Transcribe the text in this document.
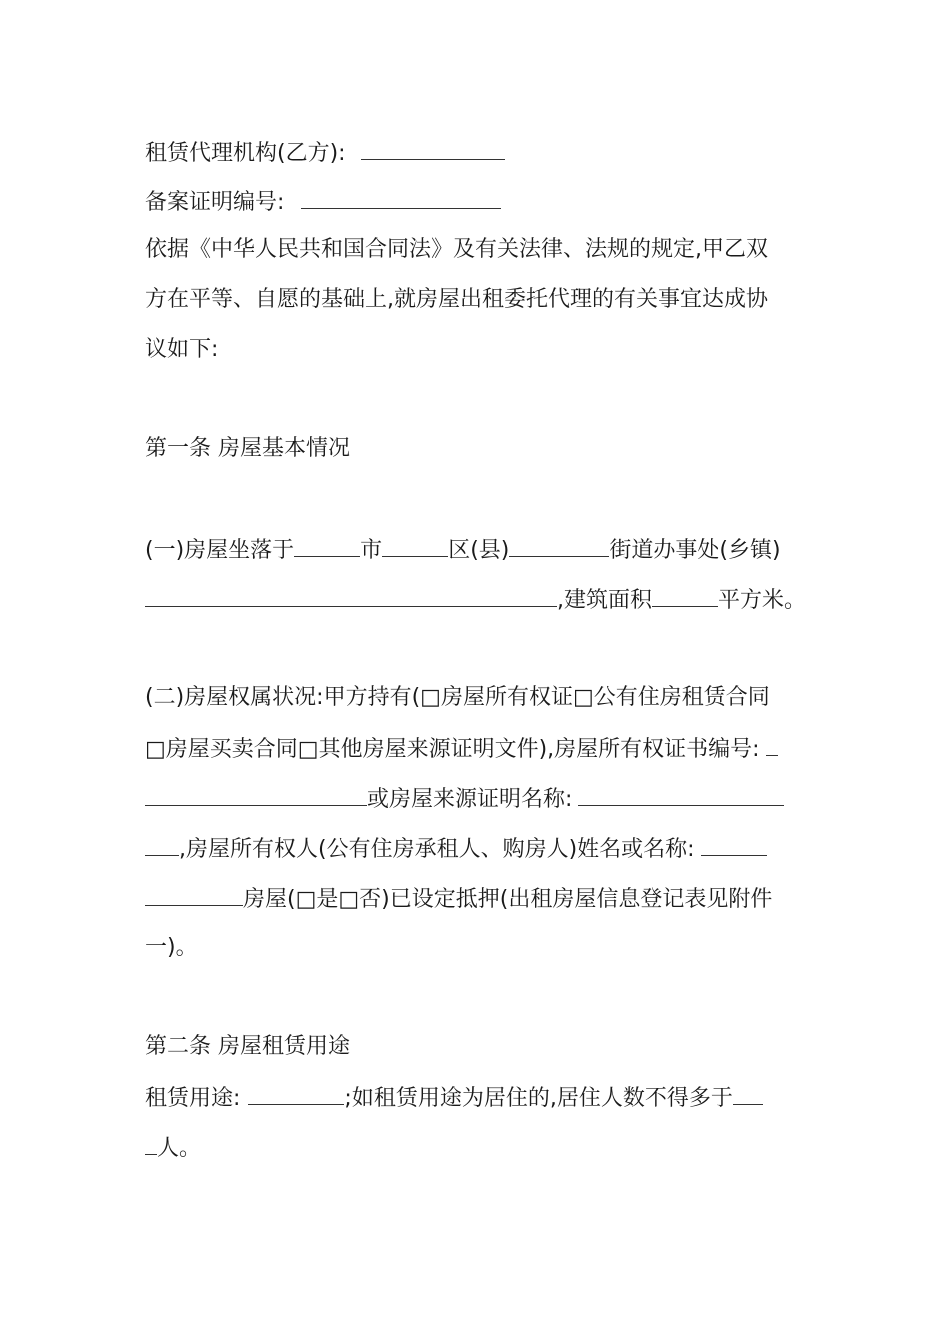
租赁代理机构(乙方):
备案证明编号:
依据《中华人民共和国合同法》及有关法律、法规的规定,甲乙双
方在平等、自愿的基础上,就房屋出租委托代理的有关事宜达成协
议如下:
第一条 房屋基本情况
(一)房屋坐落于	市	区(县)	街道办事处(乡镇)
,建筑面积	平方米。
(二)房屋权属状况:甲方持有(□房屋所有权证□公有住房租赁合同
□房屋买卖合同□其他房屋来源证明文件),房屋所有权证书编号:
或房屋来源证明名称:
,房屋所有权人(公有住房承租人、购房人)姓名或名称:
房屋(□是□否)已设定抵押(出租房屋信息登记表见附件
一)。
第二条 房屋租赁用途
租赁用途:	;如租赁用途为居住的,居住人数不得多于
人。
